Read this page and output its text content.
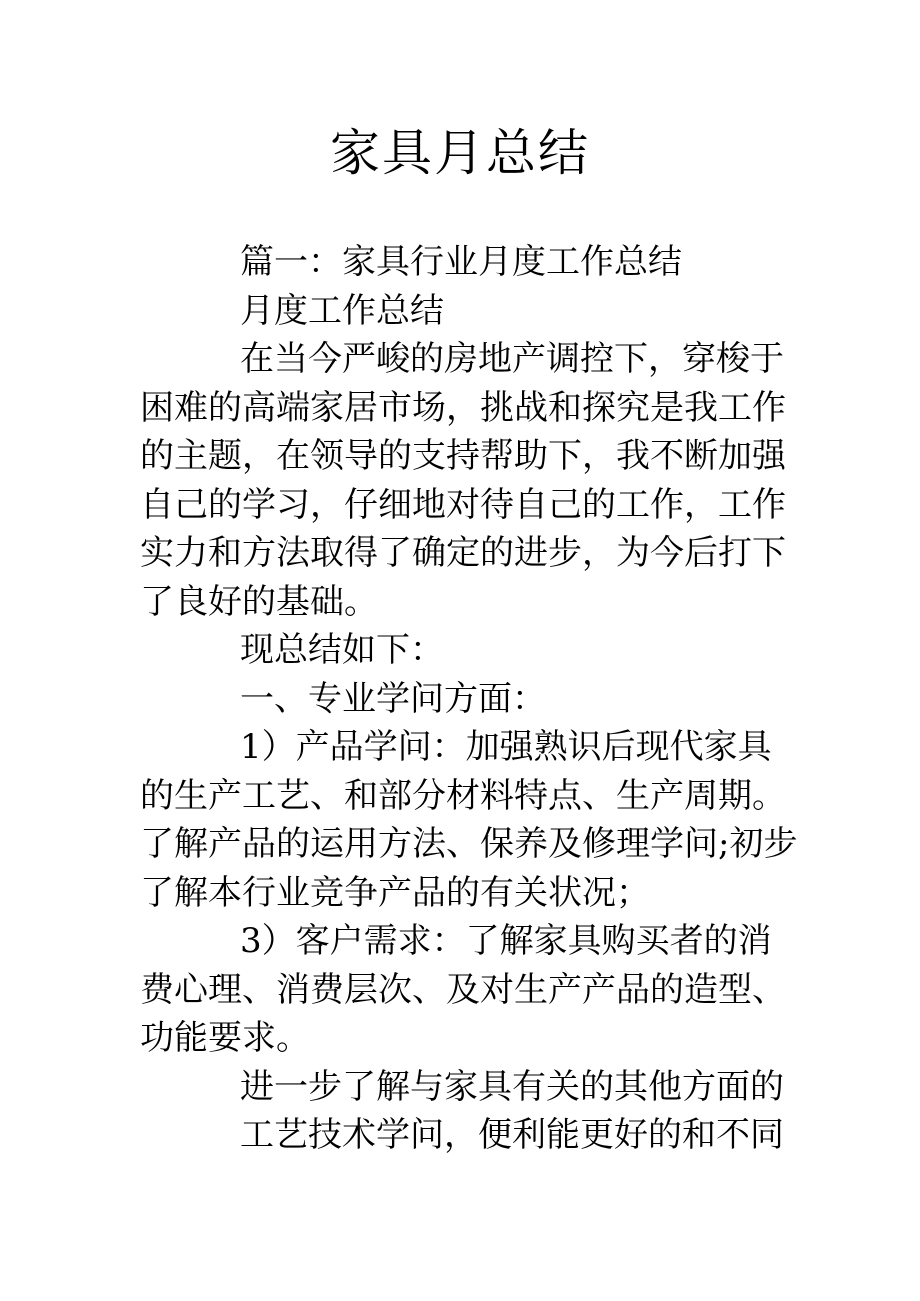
家具月总结
篇一：家具行业月度工作总结
月度工作总结
在当今严峻的房地产调控下，穿梭于
困难的高端家居市场，挑战和探究是我工作
的主题，在领导的支持帮助下，我不断加强
自己的学习，仔细地对待自己的工作，工作
实力和方法取得了确定的进步，为今后打下
了良好的基础。
现总结如下：
一、专业学问方面：
1）产品学问：加强熟识后现代家具
的生产工艺、和部分材料特点、生产周期。
了解产品的运用方法、保养及修理学问;初步
了解本行业竞争产品的有关状况；
3）客户需求：了解家具购买者的消
费心理、消费层次、及对生产产品的造型、
功能要求。
进一步了解与家具有关的其他方面的
工艺技术学问，便利能更好的和不同
